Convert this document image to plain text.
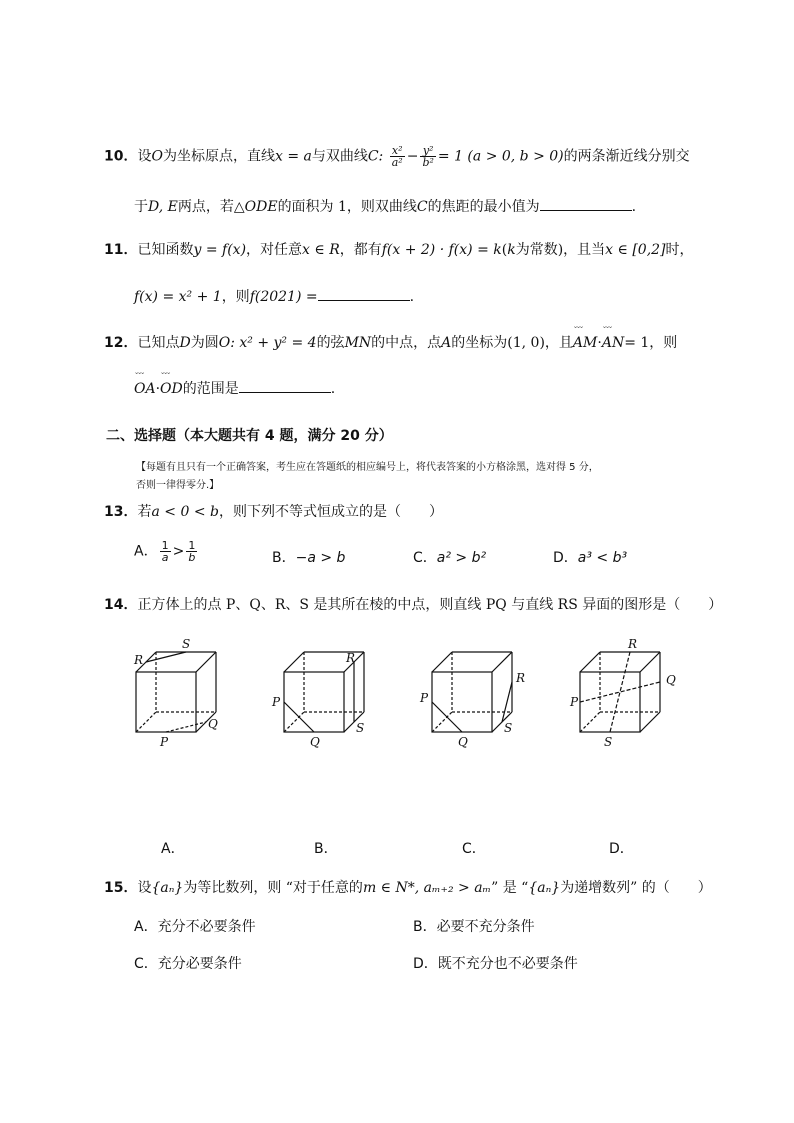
10．设O为坐标原点，直线x = a与双曲线C: $\frac{\text{x²}}{\text{a²}} - \frac{\text{y²}}{\text{b²}} = 1$ (a > 0, b > 0)的两条渐近线分别交
于D, E两点，若△ODE的面积为 1，则双曲线C的焦距的最小值为	.
11．已知函数y = f(x)，对任意x ∈ R，都有f(x + 2) · f(x) = k(k为常数)，且当x ∈ [0,2]时，
f(x) = x² + 1，则f(2021) =	.
12．已知点D为圆O: x² + y² = 4的弦MN的中点，点A的坐标为(1, 0)，且˘˘˘ AM·˘˘˘ AN= 1，则
˘˘˘ OA·˘˘˘ OD的范围是	.
二、选择题（本大题共有 4 题，满分 20 分）
【每题有且只有一个正确答案，考生应在答题纸的相应编号上，将代表答案的小方格涂黑，选对得 5 分，
否则一律得零分.】
13．若a < 0 < b，则下列不等式恒成立的是（　　）
A． $\frac{1}{a} > \frac{1}{b}$	B．−a > b	C．a² > b²	D．a³ < b³
14．正方体上的点 P、Q、R、S 是其所在棱的中点，则直线 PQ 与直线 RS 异面的图形是（　　）
S
R
Q
P
R
P
Q
S
R
P
Q
S
R
Q
P
S
A．	B．	C．	D．
15．设{aₙ}为等比数列，则 “对于任意的m ∈ N*, aₘ₊₂ > aₘ” 是 “{aₙ}为递增数列” 的（　　）
A．充分不必要条件	B．必要不充分条件
C．充分必要条件	D．既不充分也不必要条件
